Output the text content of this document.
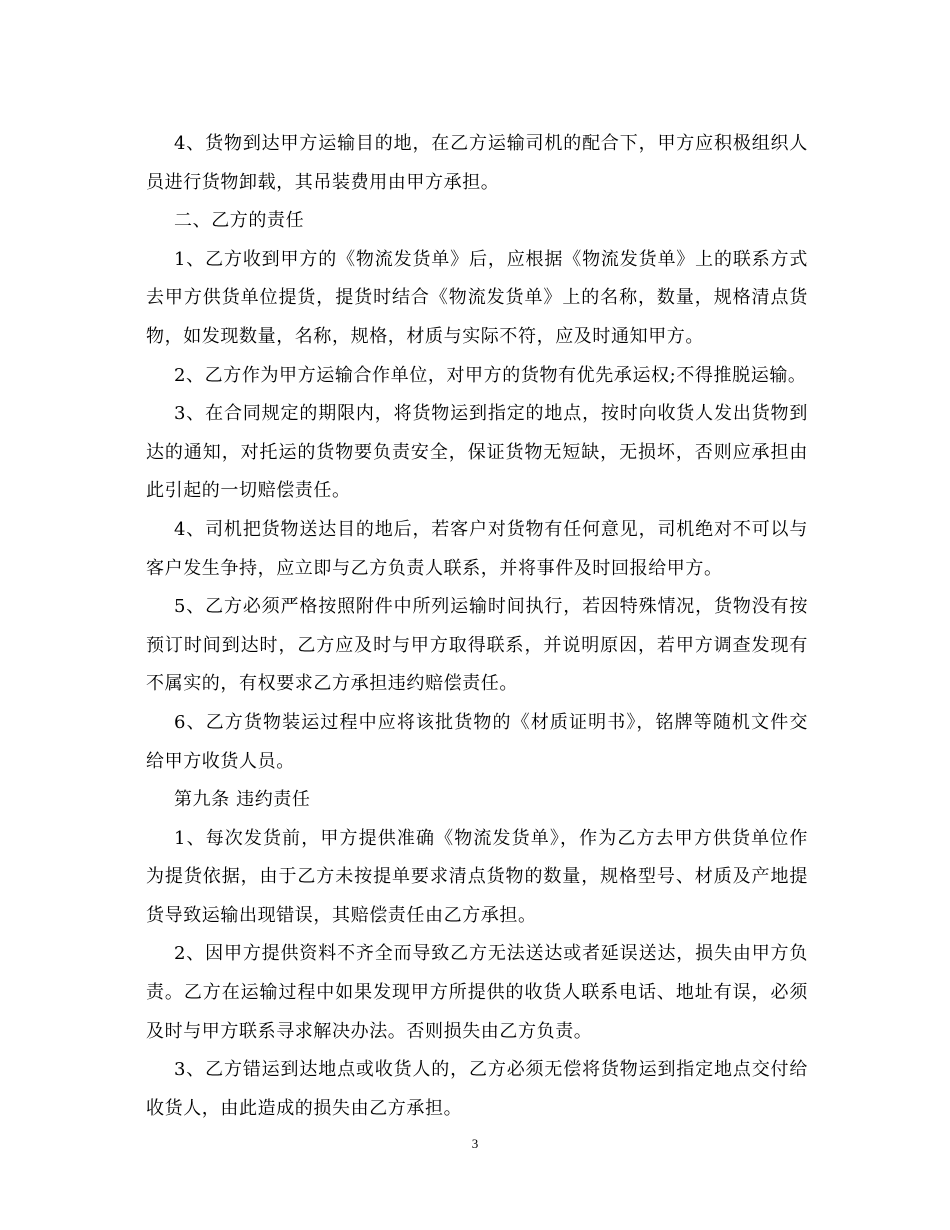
4、货物到达甲方运输目的地，在乙方运输司机的配合下，甲方应积极组织人员进行货物卸载，其吊装费用由甲方承担。

二、乙方的责任

1、乙方收到甲方的《物流发货单》后，应根据《物流发货单》上的联系方式去甲方供货单位提货，提货时结合《物流发货单》上的名称，数量，规格清点货物，如发现数量，名称，规格，材质与实际不符，应及时通知甲方。

2、乙方作为甲方运输合作单位，对甲方的货物有优先承运权;不得推脱运输。

3、在合同规定的期限内，将货物运到指定的地点，按时向收货人发出货物到达的通知，对托运的货物要负责安全，保证货物无短缺，无损坏，否则应承担由此引起的一切赔偿责任。

4、司机把货物送达目的地后，若客户对货物有任何意见，司机绝对不可以与客户发生争持，应立即与乙方负责人联系，并将事件及时回报给甲方。

5、乙方必须严格按照附件中所列运输时间执行，若因特殊情况，货物没有按预订时间到达时，乙方应及时与甲方取得联系，并说明原因，若甲方调查发现有不属实的，有权要求乙方承担违约赔偿责任。

6、乙方货物装运过程中应将该批货物的《材质证明书》，铭牌等随机文件交给甲方收货人员。

第九条 违约责任

1、每次发货前，甲方提供准确《物流发货单》，作为乙方去甲方供货单位作为提货依据，由于乙方未按提单要求清点货物的数量，规格型号、材质及产地提货导致运输出现错误，其赔偿责任由乙方承担。

2、因甲方提供资料不齐全而导致乙方无法送达或者延误送达，损失由甲方负责。乙方在运输过程中如果发现甲方所提供的收货人联系电话、地址有误，必须及时与甲方联系寻求解决办法。否则损失由乙方负责。

3、乙方错运到达地点或收货人的，乙方必须无偿将货物运到指定地点交付给收货人，由此造成的损失由乙方承担。

3
